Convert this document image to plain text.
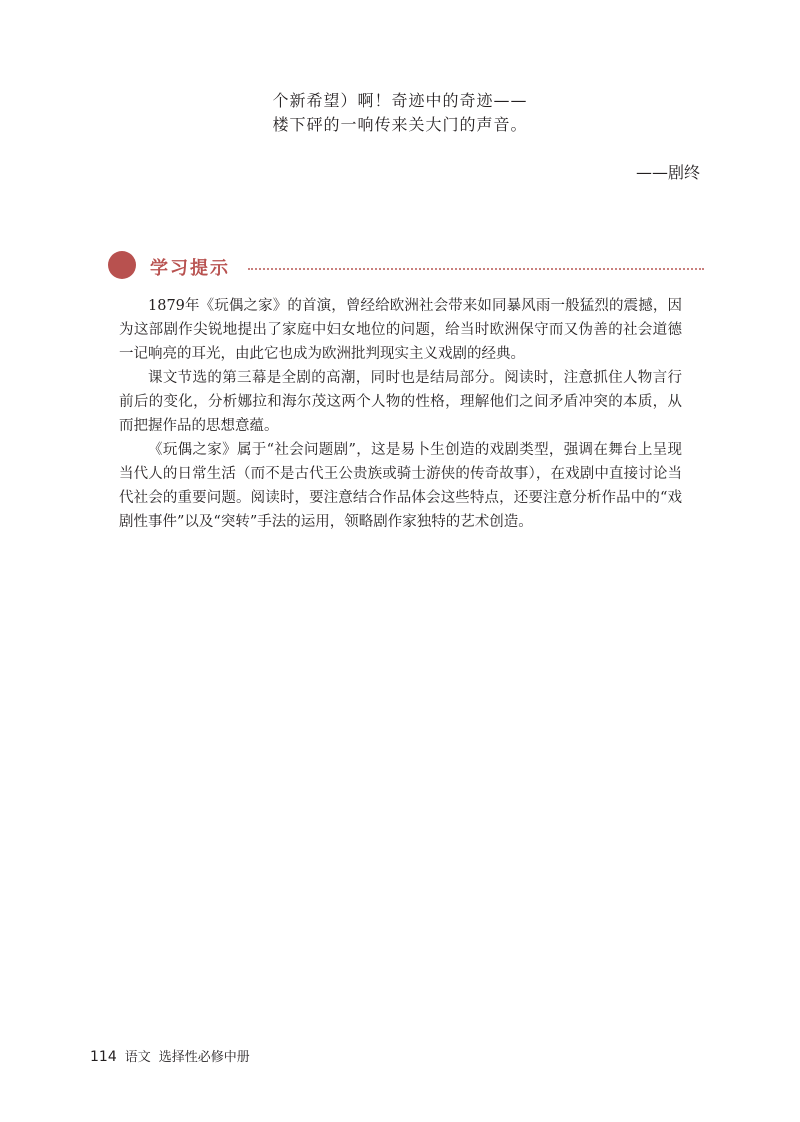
个新希望）啊！奇迹中的奇迹——
楼下砰的一响传来关大门的声音。
——剧终
学习提示

1879年《玩偶之家》的首演，曾经给欧洲社会带来如同暴风雨一般猛烈的震撼，因为这部剧作尖锐地提出了家庭中妇女地位的问题，给当时欧洲保守而又伪善的社会道德一记响亮的耳光，由此它也成为欧洲批判现实主义戏剧的经典。

课文节选的第三幕是全剧的高潮，同时也是结局部分。阅读时，注意抓住人物言行前后的变化，分析娜拉和海尔茂这两个人物的性格，理解他们之间矛盾冲突的本质，从而把握作品的思想意蕴。

《玩偶之家》属于“社会问题剧”，这是易卜生创造的戏剧类型，强调在舞台上呈现当代人的日常生活（而不是古代王公贵族或骑士游侠的传奇故事），在戏剧中直接讨论当代社会的重要问题。阅读时，要注意结合作品体会这些特点，还要注意分析作品中的“戏剧性事件”以及“突转”手法的运用，领略剧作家独特的艺术创造。

114 语文 选择性必修中册
